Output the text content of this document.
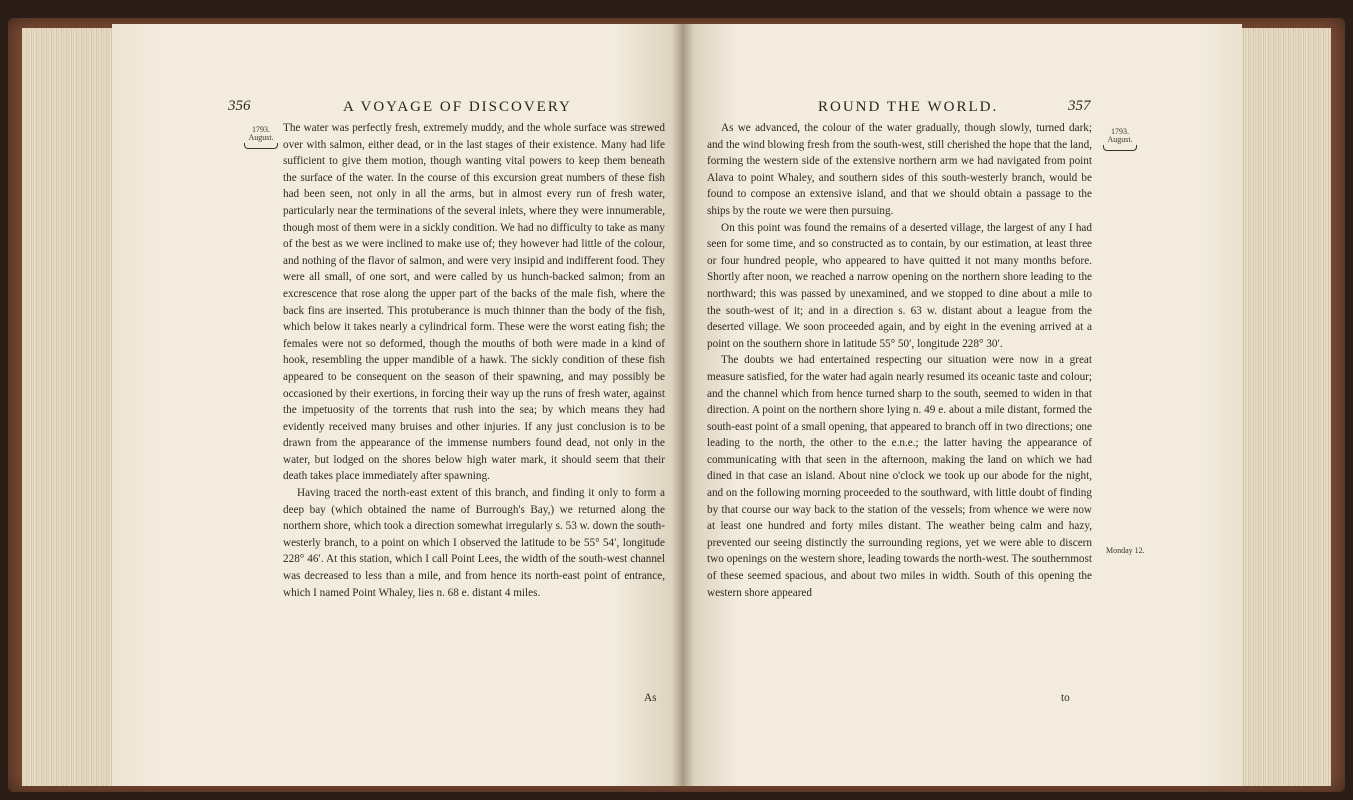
356	A VOYAGE OF DISCOVERY
1793.
August.

The water was perfectly fresh, extremely muddy, and the whole surface was strewed over with salmon, either dead, or in the last stages of their existence. Many had life sufficient to give them motion, though wanting vital powers to keep them beneath the surface of the water. In the course of this excursion great numbers of these fish had been seen, not only in all the arms, but in almost every run of fresh water, particularly near the terminations of the several inlets, where they were innumerable, though most of them were in a sickly condition. We had no difficulty to take as many of the best as we were inclined to make use of; they however had little of the colour, and nothing of the flavor of salmon, and were very insipid and indifferent food. They were all small, of one sort, and were called by us hunch-backed salmon; from an excrescence that rose along the upper part of the backs of the male fish, where the back fins are inserted. This protuberance is much thinner than the body of the fish, which below it takes nearly a cylindrical form. These were the worst eating fish; the females were not so deformed, though the mouths of both were made in a kind of hook, resembling the upper mandible of a hawk. The sickly condition of these fish appeared to be consequent on the season of their spawning, and may possibly be occasioned by their exertions, in forcing their way up the runs of fresh water, against the impetuosity of the torrents that rush into the sea; by which means they had evidently received many bruises and other injuries. If any just conclusion is to be drawn from the appearance of the immense numbers found dead, not only in the water, but lodged on the shores below high water mark, it should seem that their death takes place immediately after spawning.

Having traced the north-east extent of this branch, and finding it only to form a deep bay (which obtained the name of Burrough's Bay,) we returned along the northern shore, which took a direction somewhat irregularly s. 53 w. down the south-westerly branch, to a point on which I observed the latitude to be 55° 54′, longitude 228° 46′. At this station, which I call Point Lees, the width of the south-west channel was decreased to less than a mile, and from hence its north-east point of entrance, which I named Point Whaley, lies n. 68 e. distant 4 miles.

As
ROUND THE WORLD.	357
1793.
August.
Monday 12.

As we advanced, the colour of the water gradually, though slowly, turned dark; and the wind blowing fresh from the south-west, still cherished the hope that the land, forming the western side of the extensive northern arm we had navigated from point Alava to point Whaley, and southern sides of this south-westerly branch, would be found to compose an extensive island, and that we should obtain a passage to the ships by the route we were then pursuing.

On this point was found the remains of a deserted village, the largest of any I had seen for some time, and so constructed as to contain, by our estimation, at least three or four hundred people, who appeared to have quitted it not many months before. Shortly after noon, we reached a narrow opening on the northern shore leading to the northward; this was passed by unexamined, and we stopped to dine about a mile to the south-west of it; and in a direction s. 63 w. distant about a league from the deserted village. We soon proceeded again, and by eight in the evening arrived at a point on the southern shore in latitude 55° 50′, longitude 228° 30′.

The doubts we had entertained respecting our situation were now in a great measure satisfied, for the water had again nearly resumed its oceanic taste and colour; and the channel which from hence turned sharp to the south, seemed to widen in that direction. A point on the northern shore lying n. 49 e. about a mile distant, formed the south-east point of a small opening, that appeared to branch off in two directions; one leading to the north, the other to the e.n.e.; the latter having the appearance of communicating with that seen in the afternoon, making the land on which we had dined in that case an island. About nine o'clock we took up our abode for the night, and on the following morning proceeded to the southward, with little doubt of finding by that course our way back to the station of the vessels; from whence we were now at least one hundred and forty miles distant. The weather being calm and hazy, prevented our seeing distinctly the surrounding regions, yet we were able to discern two openings on the western shore, leading towards the north-west. The southernmost of these seemed spacious, and about two miles in width. South of this opening the western shore appeared

to
